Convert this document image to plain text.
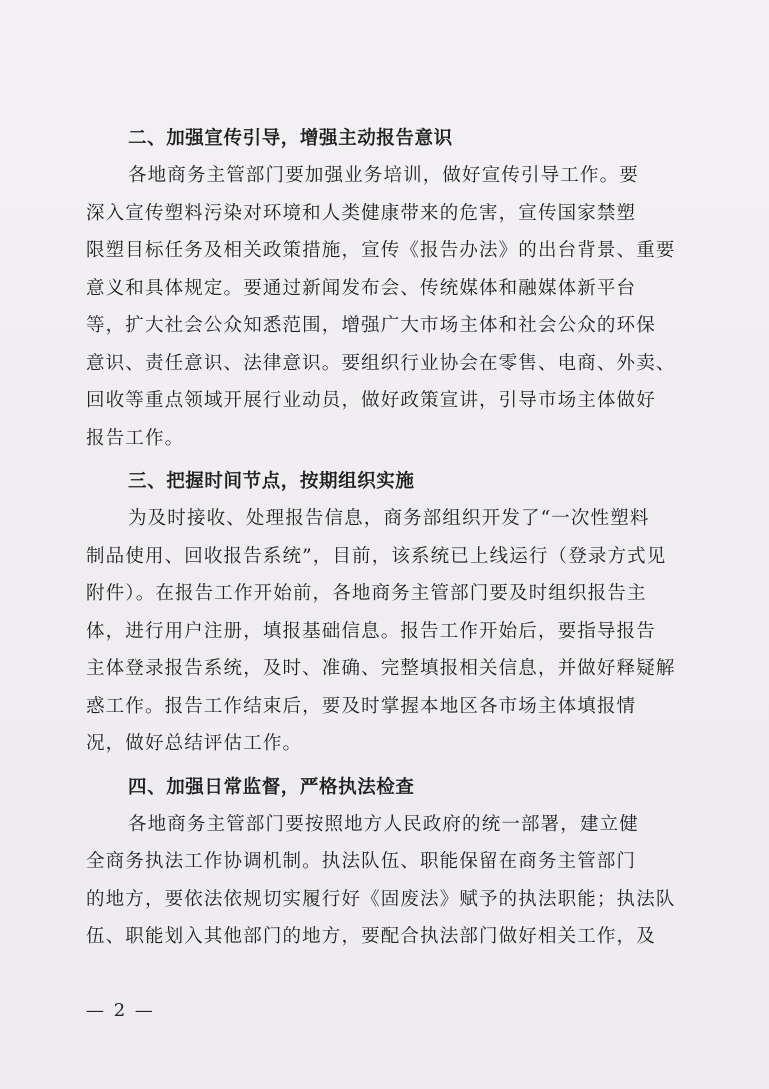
二、加强宣传引导，增强主动报告意识

各地商务主管部门要加强业务培训，做好宣传引导工作。要
深入宣传塑料污染对环境和人类健康带来的危害，宣传国家禁塑
限塑目标任务及相关政策措施，宣传《报告办法》的出台背景、重要
意义和具体规定。要通过新闻发布会、传统媒体和融媒体新平台
等，扩大社会公众知悉范围，增强广大市场主体和社会公众的环保
意识、责任意识、法律意识。要组织行业协会在零售、电商、外卖、
回收等重点领域开展行业动员，做好政策宣讲，引导市场主体做好
报告工作。

三、把握时间节点，按期组织实施

为及时接收、处理报告信息，商务部组织开发了“一次性塑料
制品使用、回收报告系统”，目前，该系统已上线运行（登录方式见
附件）。在报告工作开始前，各地商务主管部门要及时组织报告主
体，进行用户注册，填报基础信息。报告工作开始后，要指导报告
主体登录报告系统，及时、准确、完整填报相关信息，并做好释疑解
惑工作。报告工作结束后，要及时掌握本地区各市场主体填报情
况，做好总结评估工作。

四、加强日常监督，严格执法检查

各地商务主管部门要按照地方人民政府的统一部署，建立健
全商务执法工作协调机制。执法队伍、职能保留在商务主管部门
的地方，要依法依规切实履行好《固废法》赋予的执法职能；执法队
伍、职能划入其他部门的地方，要配合执法部门做好相关工作，及

— 2 —
